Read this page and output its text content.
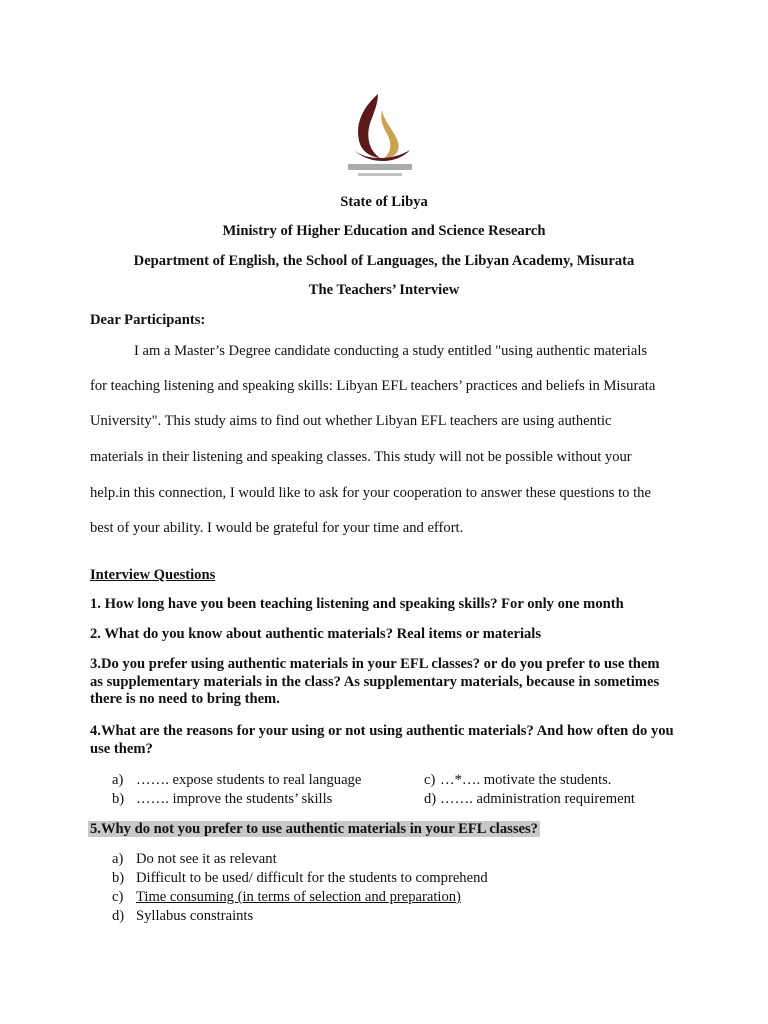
State of Libya
Ministry of Higher Education and Science Research
Department of English, the School of Languages, the Libyan Academy, Misurata
The Teachers’ Interview
Dear Participants:
I am a Master’s Degree candidate conducting a study entitled "using authentic materials
for teaching listening and speaking skills: Libyan EFL teachers’ practices and beliefs in Misurata
University". This study aims to find out whether Libyan EFL teachers are using authentic
materials in their listening and speaking classes. This study will not be possible without your
help.in this connection, I would like to ask for your cooperation to answer these questions to the
best of your ability. I would be grateful for your time and effort.
Interview Questions
1. How long have you been teaching listening and speaking skills? For only one month
2. What do you know about authentic materials? Real items or materials
3.Do you prefer using authentic materials in your EFL classes? or do you prefer to use them as supplementary materials in the class? As supplementary materials, because in sometimes there is no need to bring them.
4.What are the reasons for your using or not using authentic materials? And how often do you use them?
a) ……. expose students to real language	c) …*…. motivate the students.
b) ……. improve the students’ skills	d) ……. administration requirement
5.Why do not you prefer to use authentic materials in your EFL classes?
a) Do not see it as relevant
b) Difficult to be used/ difficult for the students to comprehend
c) Time consuming (in terms of selection and preparation)
d) Syllabus constraints
